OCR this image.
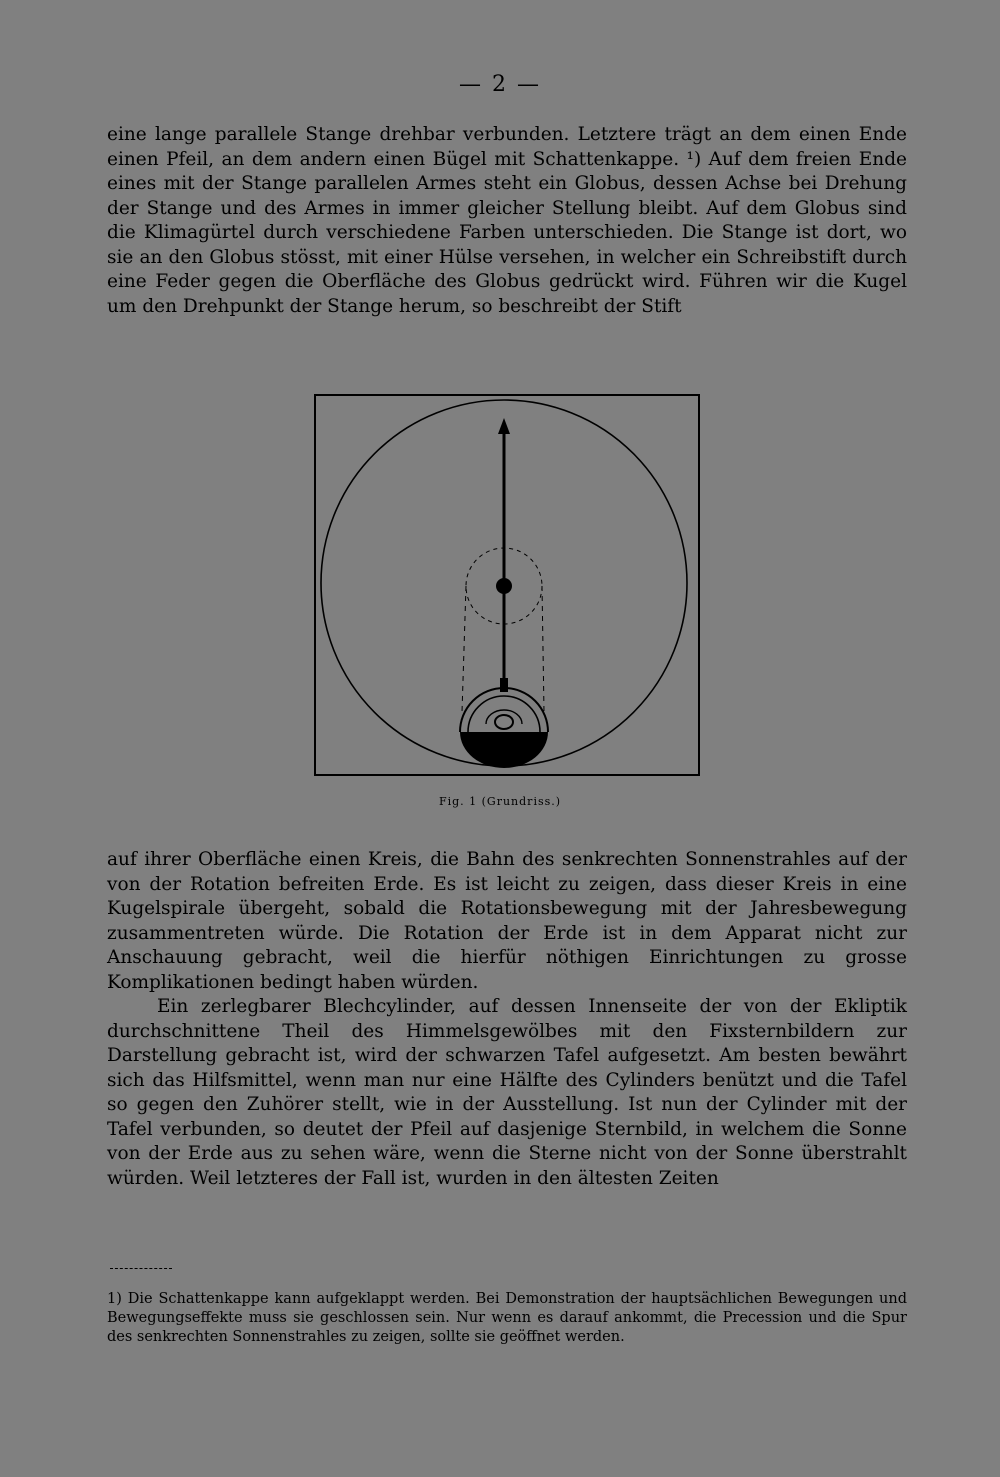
— 2 —

eine lange parallele Stange drehbar verbunden. Letztere trägt an dem einen Ende einen Pfeil, an dem andern einen Bügel mit Schattenkappe. ¹) Auf dem freien Ende eines mit der Stange parallelen Armes steht ein Globus, dessen Achse bei Drehung der Stange und des Armes in immer gleicher Stellung bleibt. Auf dem Globus sind die Klimagürtel durch verschiedene Farben unterschieden. Die Stange ist dort, wo sie an den Globus stösst, mit einer Hülse versehen, in welcher ein Schreibstift durch eine Feder gegen die Oberfläche des Globus gedrückt wird. Führen wir die Kugel um den Drehpunkt der Stange herum, so beschreibt der Stift

Fig. 1 (Grundriss.)
auf ihrer Oberfläche einen Kreis, die Bahn des senkrechten Sonnenstrahles auf der von der Rotation befreiten Erde. Es ist leicht zu zeigen, dass dieser Kreis in eine Kugelspirale übergeht, sobald die Rotationsbewegung mit der Jahresbewegung zusammentreten würde. Die Rotation der Erde ist in dem Apparat nicht zur Anschauung gebracht, weil die hierfür nöthigen Einrichtungen zu grosse Komplikationen bedingt haben würden.
Ein zerlegbarer Blechcylinder, auf dessen Innenseite der von der Ekliptik durchschnittene Theil des Himmelsgewölbes mit den Fixsternbildern zur Darstellung gebracht ist, wird der schwarzen Tafel aufgesetzt. Am besten bewährt sich das Hilfsmittel, wenn man nur eine Hälfte des Cylinders benützt und die Tafel so gegen den Zuhörer stellt, wie in der Ausstellung. Ist nun der Cylinder mit der Tafel verbunden, so deutet der Pfeil auf dasjenige Sternbild, in welchem die Sonne von der Erde aus zu sehen wäre, wenn die Sterne nicht von der Sonne überstrahlt würden. Weil letzteres der Fall ist, wurden in den ältesten Zeiten

1) Die Schattenkappe kann aufgeklappt werden. Bei Demonstration der hauptsächlichen Bewegungen und Bewegungseffekte muss sie geschlossen sein. Nur wenn es darauf ankommt, die Precession und die Spur des senkrechten Sonnenstrahles zu zeigen, sollte sie geöffnet werden.
